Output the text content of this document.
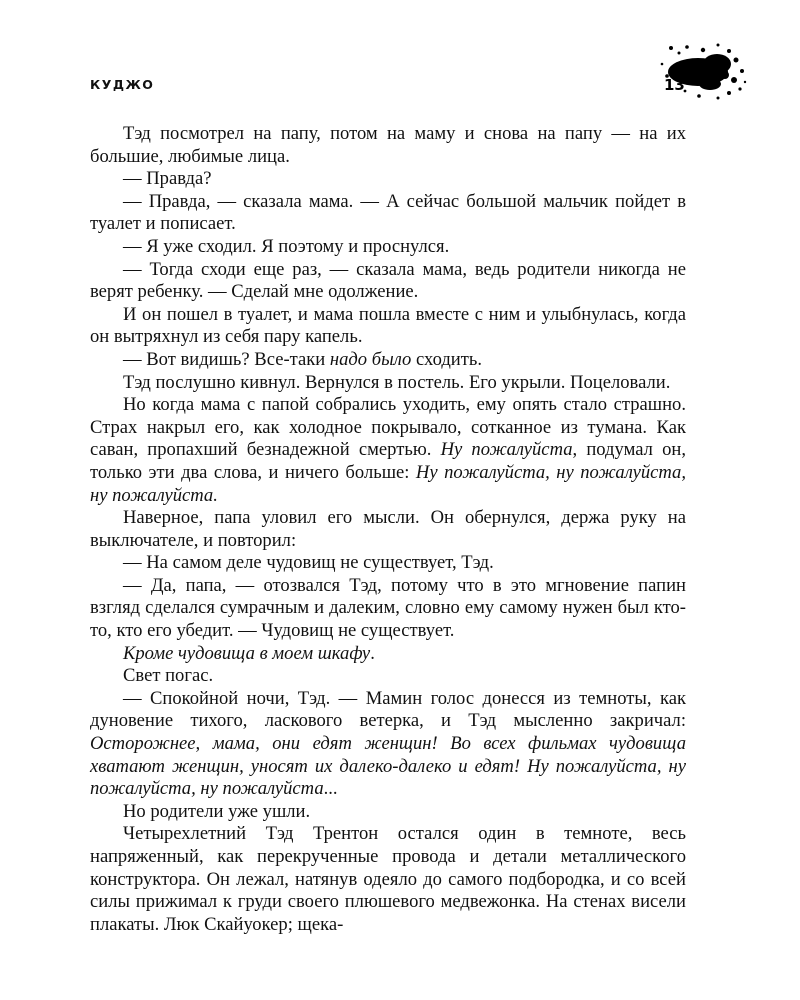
КУДЖО	13

Тэд посмотрел на папу, потом на маму и снова на папу — на их большие, любимые лица.

— Правда?

— Правда, — сказала мама. — А сейчас большой мальчик пойдет в туалет и пописает.

— Я уже сходил. Я поэтому и проснулся.

— Тогда сходи еще раз, — сказала мама, ведь родители никогда не верят ребенку. — Сделай мне одолжение.

И он пошел в туалет, и мама пошла вместе с ним и улыбнулась, когда он вытряхнул из себя пару капель.

— Вот видишь? Все-таки надо было сходить.

Тэд послушно кивнул. Вернулся в постель. Его укрыли. Поцеловали.

Но когда мама с папой собрались уходить, ему опять стало страшно. Страх накрыл его, как холодное покрывало, сотканное из тумана. Как саван, пропахший безнадежной смертью. Ну пожалуйста, подумал он, только эти два слова, и ничего больше: Ну пожалуйста, ну пожалуйста, ну пожалуйста.

Наверное, папа уловил его мысли. Он обернулся, держа руку на выключателе, и повторил:

— На самом деле чудовищ не существует, Тэд.

— Да, папа, — отозвался Тэд, потому что в это мгновение папин взгляд сделался сумрачным и далеким, словно ему самому нужен был кто-то, кто его убедит. — Чудовищ не существует.

Кроме чудовища в моем шкафу.

Свет погас.

— Спокойной ночи, Тэд. — Мамин голос донесся из темноты, как дуновение тихого, ласкового ветерка, и Тэд мысленно закричал: Осторожнее, мама, они едят женщин! Во всех фильмах чудовища хватают женщин, уносят их далеко-далеко и едят! Ну пожалуйста, ну пожалуйста, ну пожалуйста...

Но родители уже ушли.

Четырехлетний Тэд Трентон остался один в темноте, весь напряженный, как перекрученные провода и детали металлического конструктора. Он лежал, натянув одеяло до самого подбородка, и со всей силы прижимал к груди своего плюшевого медвежонка. На стенах висели плакаты. Люк Скайуокер; щека-
